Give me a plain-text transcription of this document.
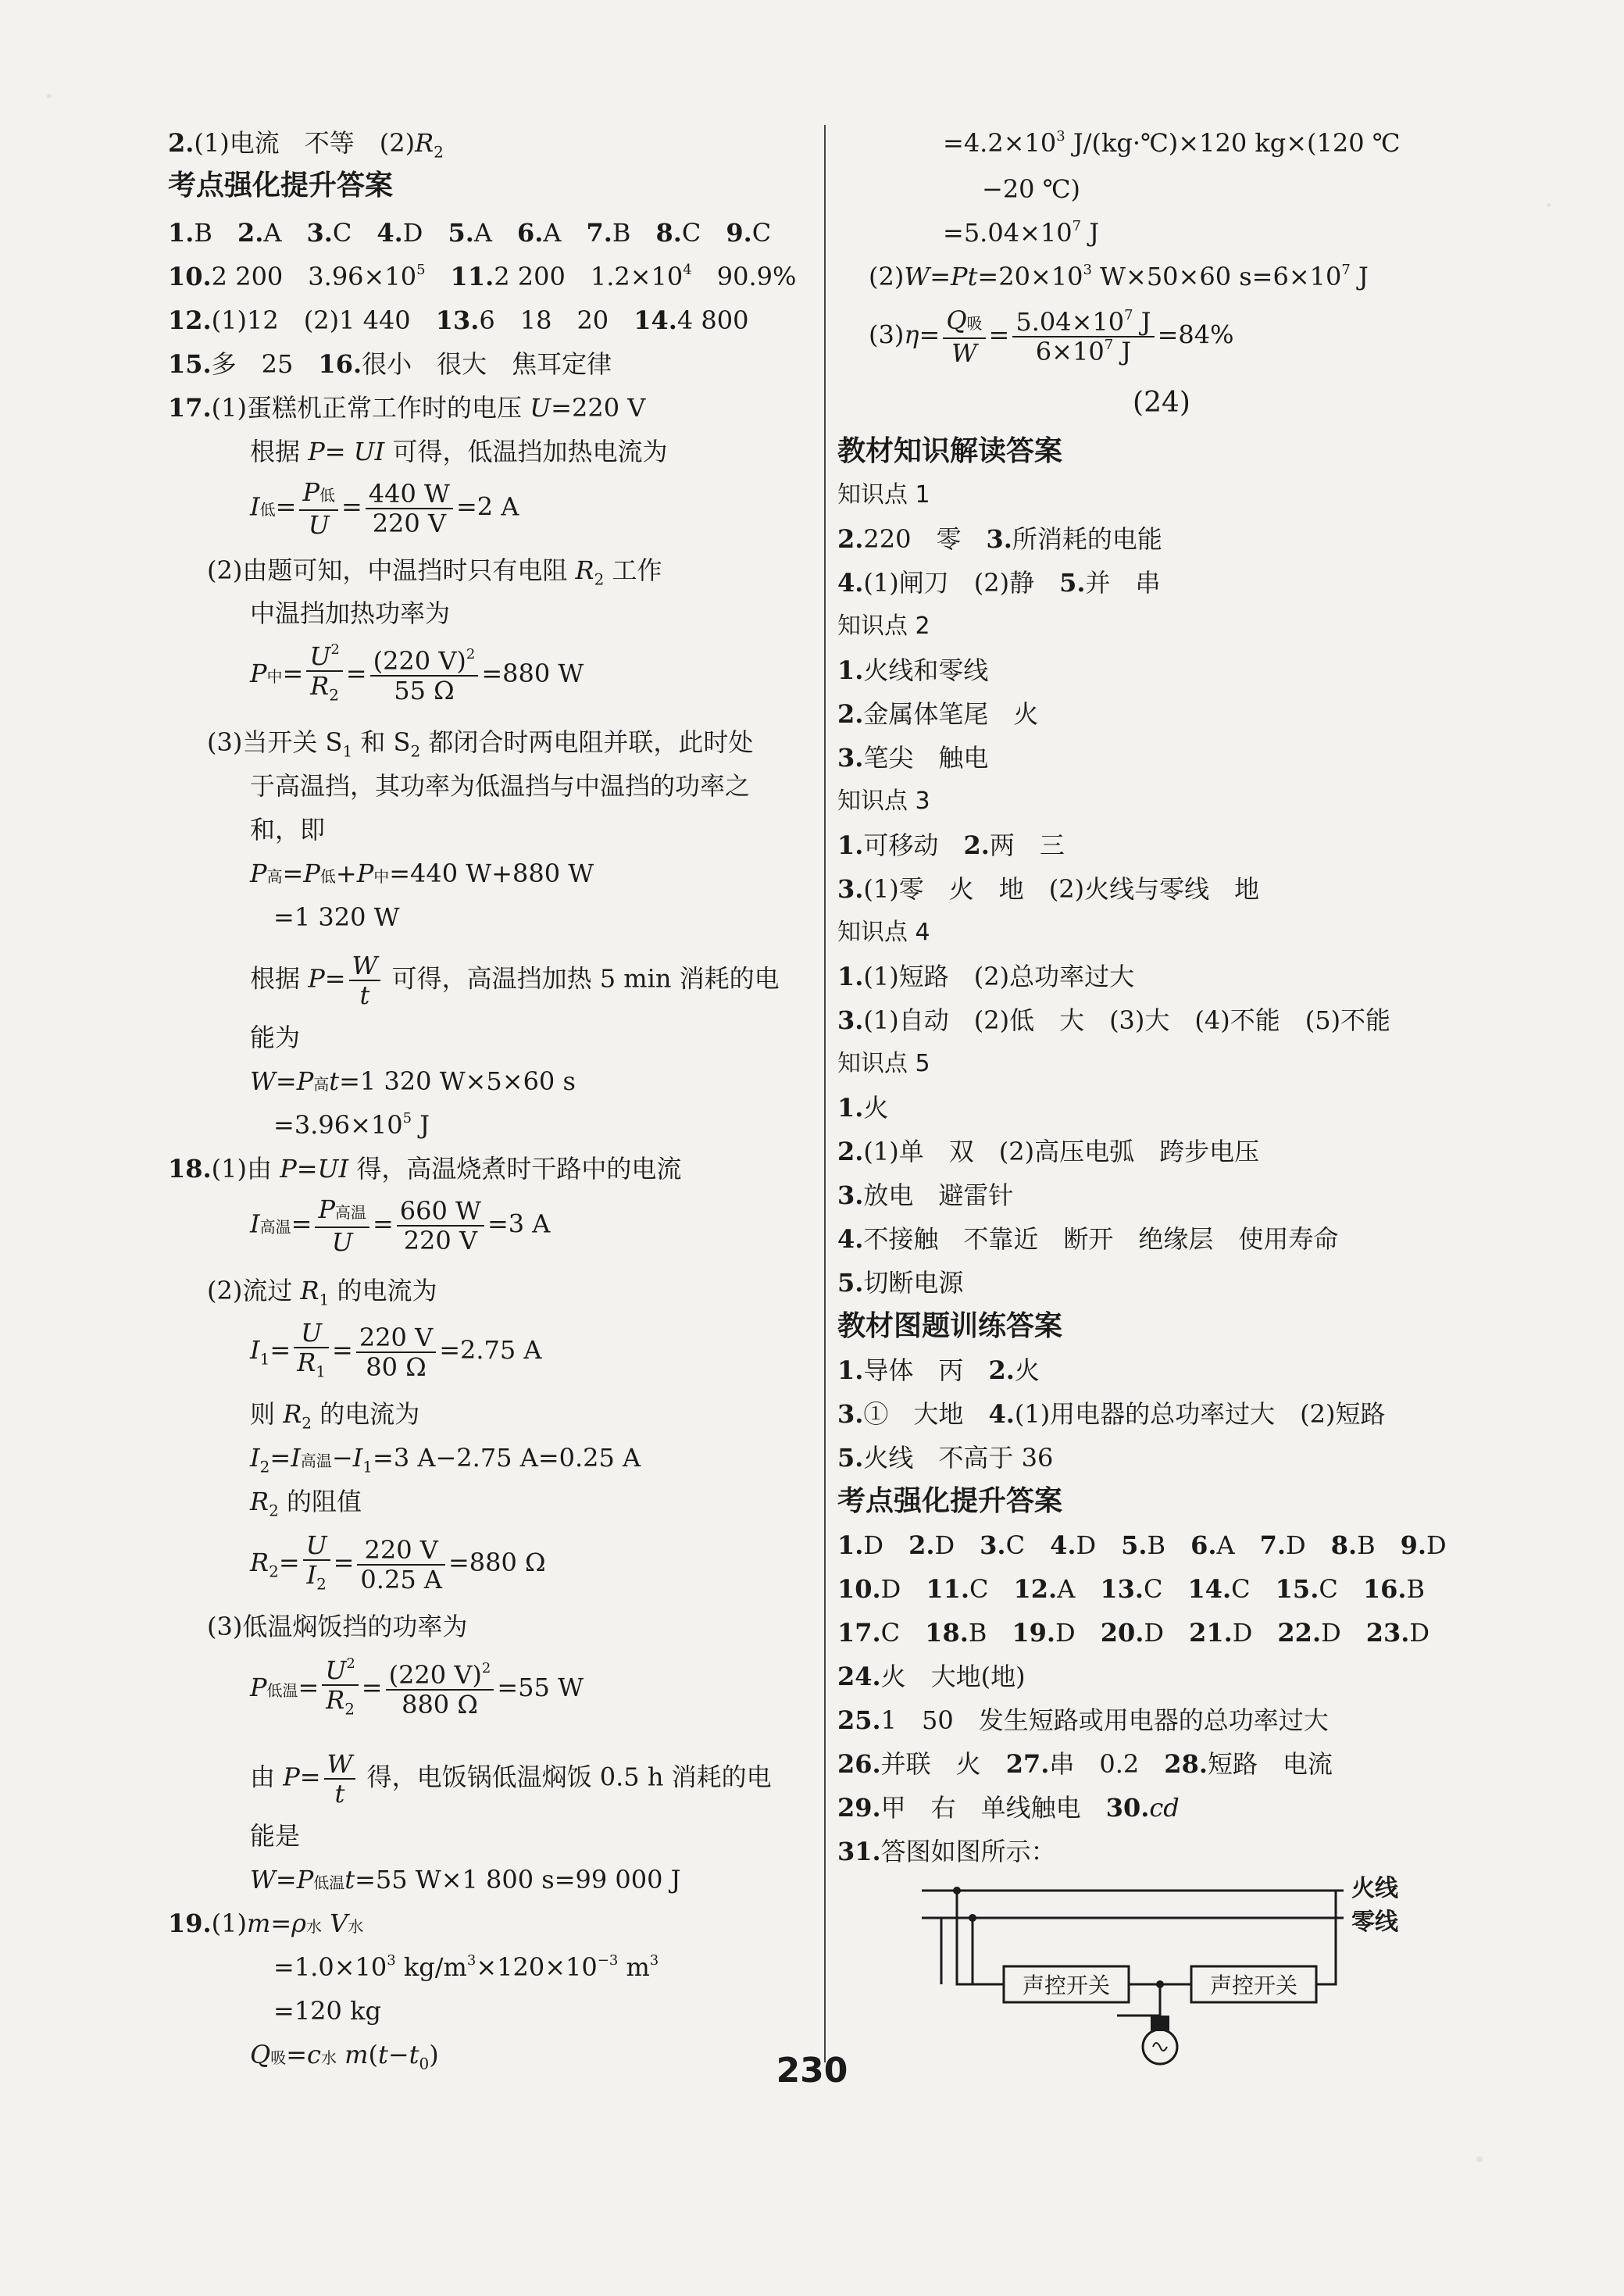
2.(1)电流　不等　$(2)R_2$
考点强化提升答案
1.B　 2.A　 3.C　 4.D　 5.A　 6.A　 7.B　 8.C　 9.C
10.2 200　$3.96\times 10^5$　 11.2 200　$1.2\times 10^4$　90.9%
12.(1)12　(2)1 440　 13.6　18　20　 14.4 800
15.多　25　 16.很小　很大　焦耳定律
17.(1)蛋糕机正常工作时的电压 U=220 V
根据 P= UI 可得，低温挡加热电流为
I低= $\frac{\text{P低}}{U} = \frac{440 W}{220 V} =2$ A
(2)由题可知，中温挡时只有电阻 $R_2$ 工作
中温挡加热功率为
P中= $\frac{U^2}{R_2} = \frac{(220 V)^2}{55 \Omega} =880$ W
(3)当开关 $S_1$ 和 $S_2$ 都闭合时两电阻并联，此时处
于高温挡，其功率为低温挡与中温挡的功率之
和，即
P高=P低+P中=440 W+880 W
=1 320 W
根据 $P= \frac{W}{t}$ 可得，高温挡加热 5 min 消耗的电
能为
W=P高t=1 320 W×5×60 s
$=3.96\times 10^5$ J
18.(1)由 P=UI 得，高温烧煮时干路中的电流
I高温= $\frac{\text{P高温}}{U} = \frac{660 W}{220 V} =3$ A
(2)流过 $R_1$ 的电流为
$I_1= \frac{U}{R_1} = \frac{220 V}{80 \Omega} =2.75$ A
则 $R_2$ 的电流为
$I_2=I$高温$-I_1=3$ A−2.75 A=0.25 A
$R_2$ 的阻值
$R_2= \frac{U}{I_2} = \frac{220 V}{0.25 A} =880$ Ω
(3)低温焖饭挡的功率为
P低温= $\frac{U^2}{R_2} = \frac{(220 V)^2}{880 \Omega} =55$ W
由 $P= \frac{W}{t}$ 得，电饭锅低温焖饭 0.5 h 消耗的电
能是
W=P低温t=55 W×1 800 s=99 000 J
19.(1)m=ρ水 V水
$=1.0\times 10^3$ $kg/m^3\times 120\times 10^{-3}$ $m^3$
=120 kg
Q吸=c水 $m(t-t_0)$
$=4.2\times 10^3$ J/(kg·℃)×120 kg×(120 ℃
−20 ℃)
$=5.04\times 10^7$ J
$(2)W=Pt=20\times 10^3$ W×50×60 $s=6\times 10^7$ J
$(3)\eta= \frac{\text{Q吸}}{W} = \frac{5.04\times 10^7 J}{6\times 10^7 J} =84\%$
教材知识解读答案
知识点 1
2.220　零　 3.所消耗的电能
4.(1)闸刀　(2)静　 5.并　串
知识点 2
1.火线和零线
2.金属体笔尾　火
3.笔尖　触电
知识点 3
1.可移动　 2.两　三
3.(1)零　火　地　(2)火线与零线　地
知识点 4
1.(1)短路　(2)总功率过大
3.(1)自动　(2)低　大　(3)大　(4)不能　(5)不能
知识点 5
1.火
2.(1)单　双　(2)高压电弧　跨步电压
3.放电　避雷针
4.不接触　不靠近　断开　绝缘层　使用寿命
5.切断电源
教材图题训练答案
1.导体　丙　 2.火
3.①　大地　 4.(1)用电器的总功率过大　(2)短路
5.火线　不高于 36
考点强化提升答案
1.D　 2.D　 3.C　 4.D　 5.B　 6.A　 7.D　 8.B　 9.D
10.D　 11.C　 12.A　 13.C　 14.C　 15.C　 16.B
17.C　 18.B　 19.D　 20.D　 21.D　 22.D　 23.D
24.火　大地(地)
25.1　50　发生短路或用电器的总功率过大
26.并联　火　 27.串　0.2　 28.短路　电流
29.甲　右　单线触电　 30.cd
31.答图如图所示：
(24)
火线
零线
声控开关	声控开关
230
